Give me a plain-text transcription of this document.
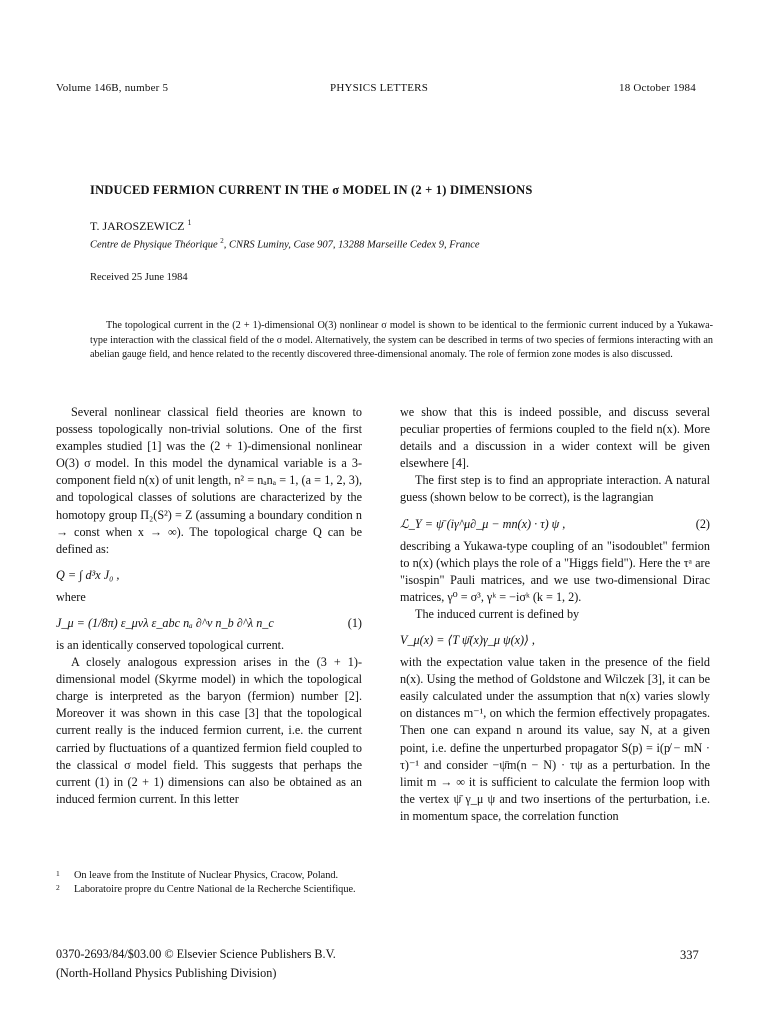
Volume 146B, number 5	PHYSICS LETTERS	18 October 1984
INDUCED FERMION CURRENT IN THE σ MODEL IN (2 + 1) DIMENSIONS
T. JAROSZEWICZ $^1$
Centre de Physique Théorique $^2$, CNRS Luminy, Case 907, 13288 Marseille Cedex 9, France
Received 25 June 1984

The topological current in the (2 + 1)-dimensional O(3) nonlinear σ model is shown to be identical to the fermionic current induced by a Yukawa-type interaction with the classical field of the σ model. Alternatively, the system can be described in terms of two species of fermions interacting with an abelian gauge field, and hence related to the recently discovered three-dimensional anomaly. The role of fermion zone modes is also discussed.

Several nonlinear classical field theories are known to possess topologically non-trivial solutions. One of the first examples studied [1] was the (2 + 1)-dimensional nonlinear O(3) σ model. In this model the dynamical variable is a 3-component field n(x) of unit length, n² = nₐnₐ = 1, (a = 1, 2, 3), and topological classes of solutions are characterized by the homotopy group Π₂(S²) = Z (assuming a boundary condition n → const when x → ∞). The topological charge Q can be defined as:

Q = ∫ d³x J₀ ,

where

J_μ = (1/8π) ε_μνλ ε_abc nₐ ∂^ν n_b ∂^λ n_c	(1)

is an identically conserved topological current.

A closely analogous expression arises in the (3 + 1)-dimensional model (Skyrme model) in which the topological charge is interpreted as the baryon (fermion) number [2]. Moreover it was shown in this case [3] that the topological current really is the induced fermion current, i.e. the current carried by fluctuations of a quantized fermion field coupled to the classical σ model field. This suggests that perhaps the current (1) in (2 + 1) dimensions can also be obtained as an induced fermion current. In this letter

we show that this is indeed possible, and discuss several peculiar properties of fermions coupled to the field n(x). More details and a discussion in a wider context will be given elsewhere [4].

The first step is to find an appropriate interaction. A natural guess (shown below to be correct), is the lagrangian

ℒ_Y = ψ̄ (iγ^μ∂_μ − mn(x) · τ) ψ ,	(2)

describing a Yukawa-type coupling of an "isodoublet" fermion to n(x) (which plays the role of a "Higgs field"). Here the τᵃ are "isospin" Pauli matrices, and we use two-dimensional Dirac matrices, γ⁰ = σ³, γᵏ = −iσᵏ (k = 1, 2).

The induced current is defined by

V_μ(x) = ⟨T ψ̄(x)γ_μ ψ(x)⟩ ,

with the expectation value taken in the presence of the field n(x). Using the method of Goldstone and Wilczek [3], it can be easily calculated under the assumption that n(x) varies slowly on distances m⁻¹, on which the fermion effectively propagates. Then one can expand n around its value, say N, at a given point, i.e. define the unperturbed propagator S(p) = i(p̸ − mN · τ)⁻¹ and consider −ψ̄m(n − N) · τψ as a perturbation. In the limit m → ∞ it is sufficient to calculate the fermion loop with the vertex ψ̄ γ_μ ψ and two insertions of the perturbation, i.e. in momentum space, the correlation function

1 On leave from the Institute of Nuclear Physics, Cracow, Poland.
2 Laboratoire propre du Centre National de la Recherche Scientifique.
0370-2693/84/$03.00 © Elsevier Science Publishers B.V.
(North-Holland Physics Publishing Division)
337
